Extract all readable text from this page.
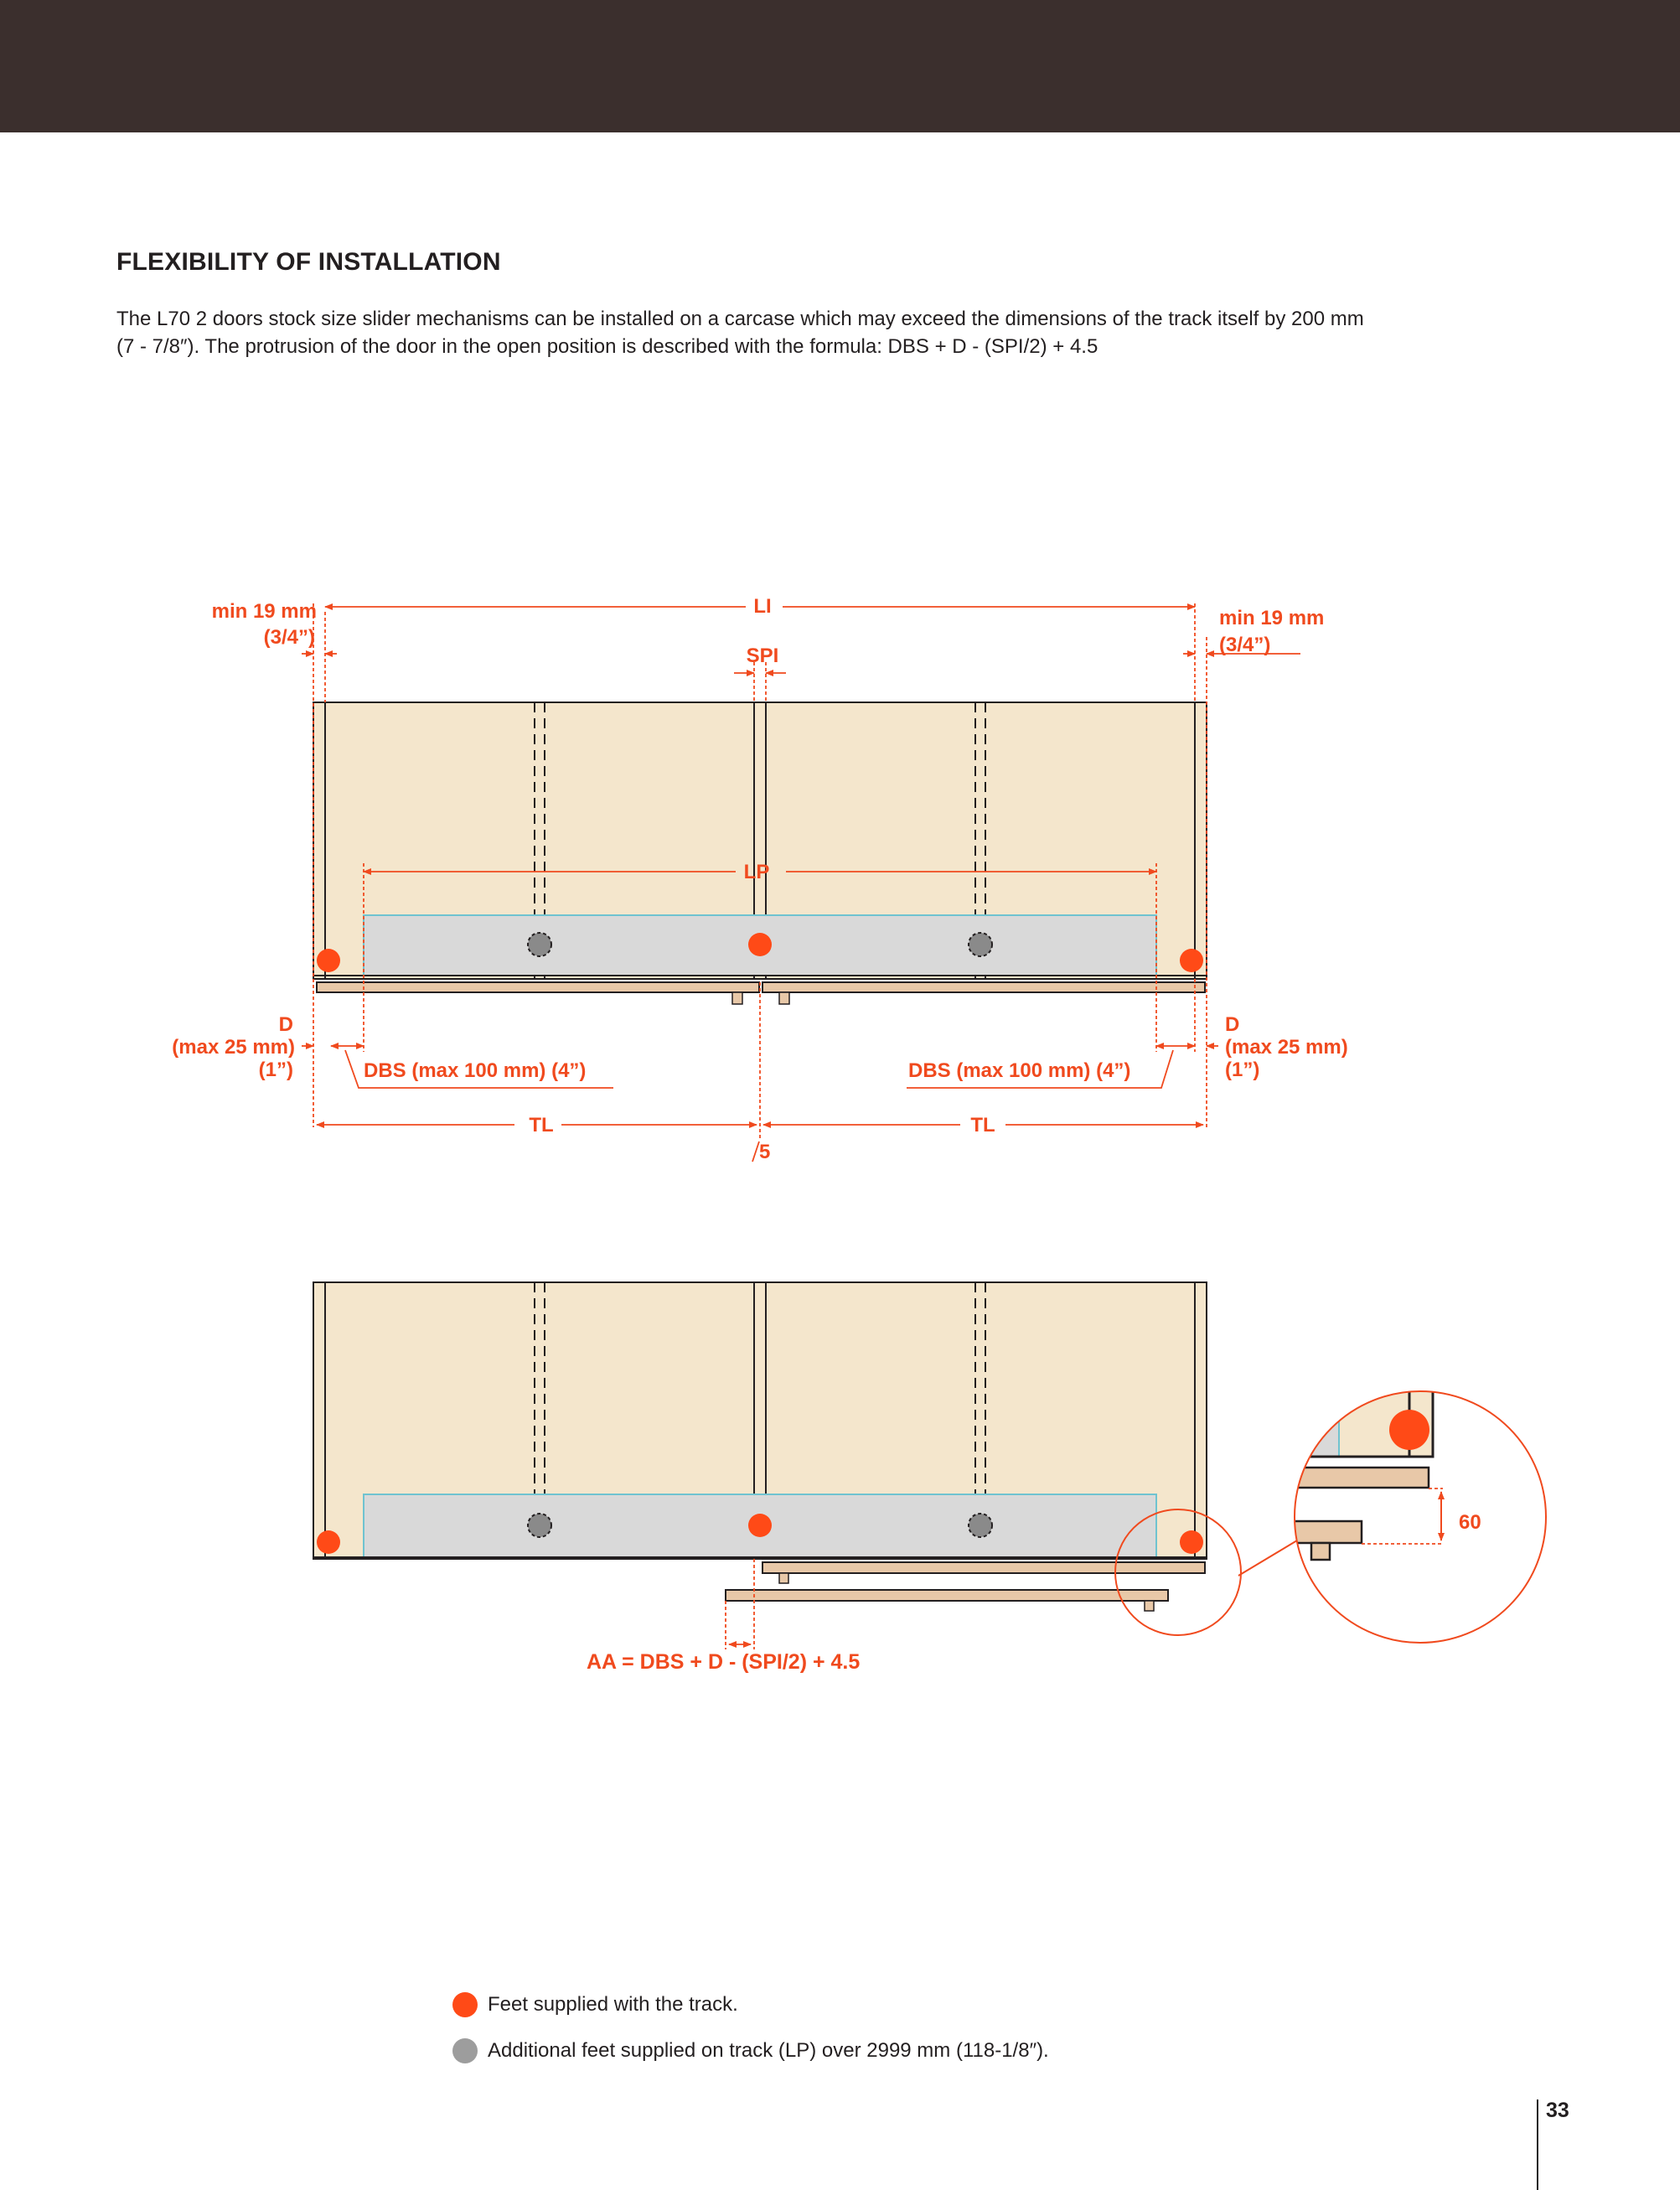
FLEXIBILITY OF INSTALLATION

The L70 2 doors stock size slider mechanisms can be installed on a carcase which may exceed the dimensions of the track itself by 200 mm
(7 - 7/8″). The protrusion of the door in the open position is described with the formula: DBS + D - (SPI/2) + 4.5

min 19 mm
(3/4”)
min 19 mm
(3/4”)
LI
SPI
LP
D
(max 25 mm)
(1”)
D
(max 25 mm)
(1”)
DBS (max 100 mm) (4”)	DBS (max 100 mm) (4”)
TL	TL
5
AA = DBS + D - (SPI/2) + 4.5
60
Feet supplied with the track.
Additional feet supplied on track (LP) over 2999 mm (118-1/8″).
33
